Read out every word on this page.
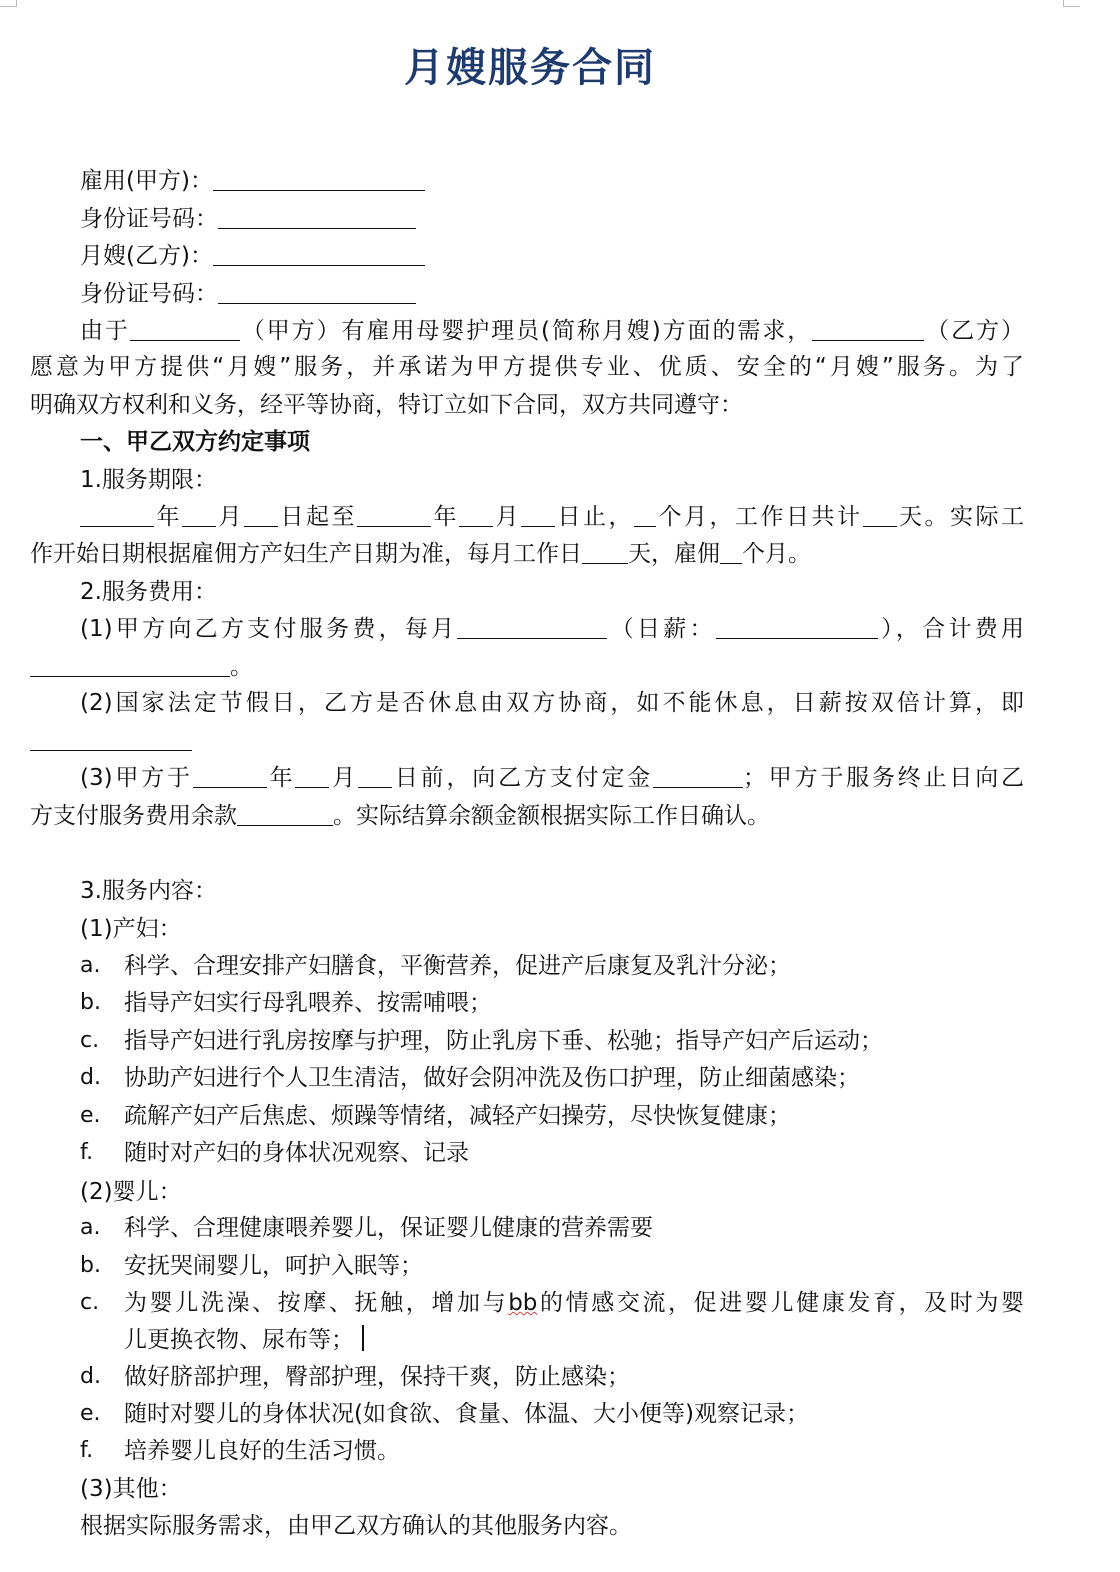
月嫂服务合同
雇用(甲方)：
身份证号码：
月嫂(乙方)：
身份证号码：
由于	（甲方）有雇用母婴护理员(简称月嫂)方面的需求，	（乙方）
愿意为甲方提供“月嫂”服务，并承诺为甲方提供专业、优质、安全的“月嫂”服务。为了
明确双方权利和义务，经平等协商，特订立如下合同，双方共同遵守：
一、甲乙双方约定事项
1.服务期限：
年 月 日起至	年 月 日止， 个月，工作日共计 天。实际工
作开始日期根据雇佣方产妇生产日期为准，每月工作日 天，雇佣 个月。
2.服务费用：
(1)甲方向乙方支付服务费，每月	（日薪：	），合计费用
。
(2)国家法定节假日，乙方是否休息由双方协商，如不能休息，日薪按双倍计算，即
(3)甲方于	年 月 日前，向乙方支付定金	；甲方于服务终止日向乙
方支付服务费用余款	。实际结算余额金额根据实际工作日确认。
3.服务内容：
(1)产妇：
a. 科学、合理安排产妇膳食，平衡营养，促进产后康复及乳汁分泌；
b. 指导产妇实行母乳喂养、按需哺喂；
c. 指导产妇进行乳房按摩与护理，防止乳房下垂、松驰；指导产妇产后运动；
d. 协助产妇进行个人卫生清洁，做好会阴冲洗及伤口护理，防止细菌感染；
e. 疏解产妇产后焦虑、烦躁等情绪，减轻产妇操劳，尽快恢复健康；
f. 随时对产妇的身体状况观察、记录
(2)婴儿：
a. 科学、合理健康喂养婴儿，保证婴儿健康的营养需要
b. 安抚哭闹婴儿，呵护入眠等；
c. 为婴儿洗澡、按摩、抚触，增加与bb的情感交流，促进婴儿健康发育，及时为婴
儿更换衣物、尿布等；
d. 做好脐部护理，臀部护理，保持干爽，防止感染；
e. 随时对婴儿的身体状况(如食欲、食量、体温、大小便等)观察记录；
f. 培养婴儿良好的生活习惯。
(3)其他：
根据实际服务需求，由甲乙双方确认的其他服务内容。
